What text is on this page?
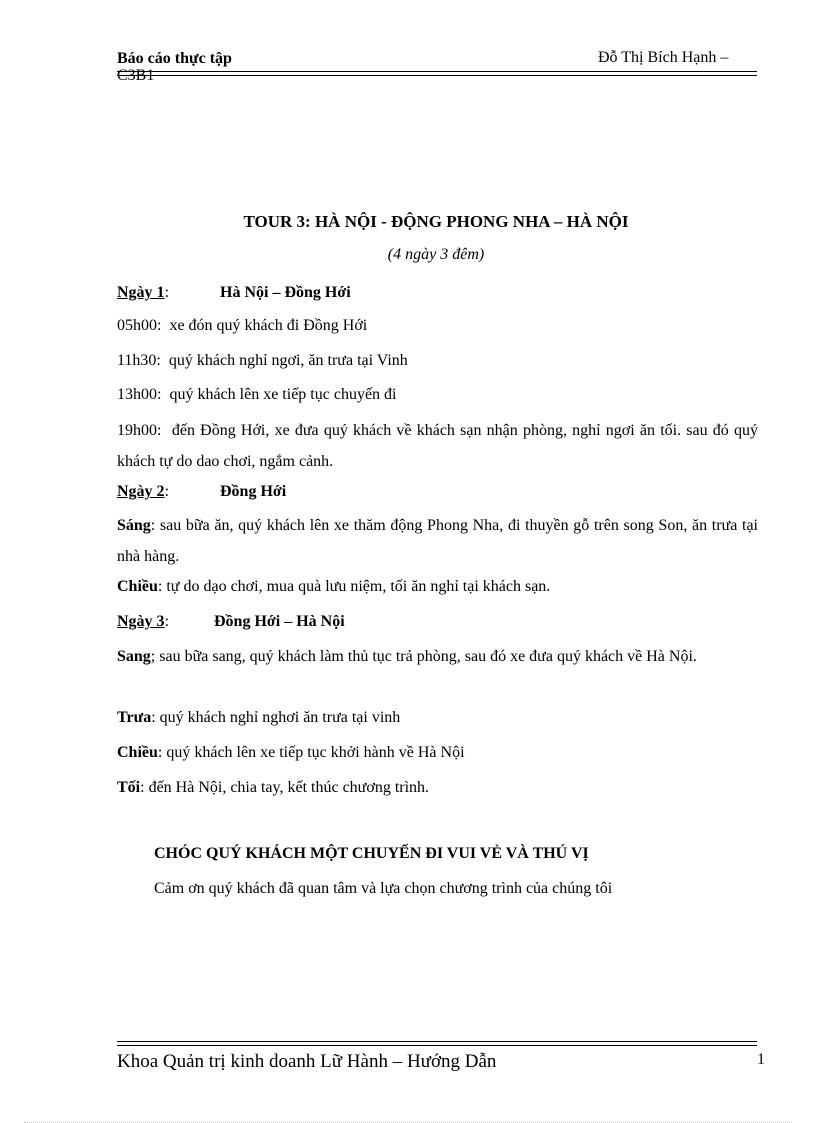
Báo cáo thực tập	Đỗ Thị Bích Hạnh –
C3B1
TOUR 3: HÀ NỘI - ĐỘNG PHONG NHA – HÀ NỘI
(4 ngày 3 đêm)
Ngày 1:	Hà Nội – Đồng Hới
05h00: xe đón quý khách đi Đồng Hới
11h30: quý khách nghỉ ngơi, ăn trưa tại Vinh
13h00: quý khách lên xe tiếp tục chuyến đi
19h00: đến Đồng Hới, xe đưa quý khách về khách sạn nhận phòng, nghỉ ngơi ăn tối. sau đó quý khách tự do dao chơi, ngắm cảnh.
Ngày 2:	Đồng Hới
Sáng: sau bữa ăn, quý khách lên xe thăm động Phong Nha, đi thuyền gỗ trên song Son, ăn trưa tại nhà hàng.
Chiều: tự do dạo chơi, mua quà lưu niệm, tối ăn nghỉ tại khách sạn.
Ngày 3:	Đồng Hới – Hà Nội
Sang; sau bữa sang, quý khách làm thủ tục trả phòng, sau đó xe đưa quý khách về Hà Nội.
Trưa: quý khách nghỉ nghơi ăn trưa tại vinh
Chiều: quý khách lên xe tiếp tục khởi hành về Hà Nội
Tối: đến Hà Nội, chia tay, kết thúc chương trình.
CHÓC QUÝ KHÁCH MỘT CHUYẾN ĐI VUI VẺ VÀ THÚ VỊ
Cảm ơn quý khách đã quan tâm và lựa chọn chương trình của chúng tôi
Khoa Quản trị kinh doanh Lữ Hành – Hướng Dẫn	1
